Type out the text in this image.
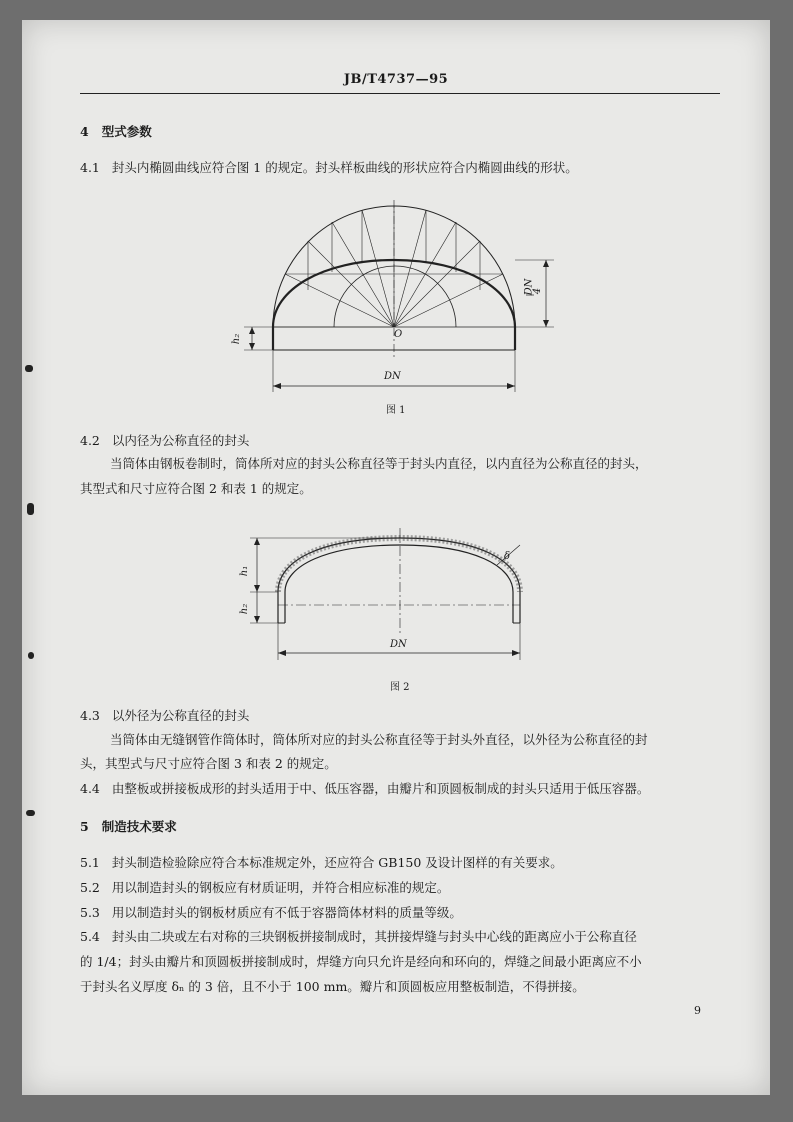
JB/T4737—95
4 型式参数
4.1 封头内椭圆曲线应符合图 1 的规定。封头样板曲线的形状应符合内椭圆曲线的形状。
O
DN
h₂
DN
4
图 1
4.2 以内径为公称直径的封头
当筒体由钢板卷制时，筒体所对应的封头公称直径等于封头内直径，以内直径为公称直径的封头，
其型式和尺寸应符合图 2 和表 1 的规定。
h₁
h₂
δ
DN
图 2
4.3 以外径为公称直径的封头
当筒体由无缝钢管作筒体时，筒体所对应的封头公称直径等于封头外直径，以外径为公称直径的封
头，其型式与尺寸应符合图 3 和表 2 的规定。
4.4 由整板或拼接板成形的封头适用于中、低压容器，由瓣片和顶圆板制成的封头只适用于低压容器。
5 制造技术要求
5.1 封头制造检验除应符合本标准规定外，还应符合 GB150 及设计图样的有关要求。
5.2 用以制造封头的钢板应有材质证明，并符合相应标准的规定。
5.3 用以制造封头的钢板材质应有不低于容器筒体材料的质量等级。
5.4 封头由二块或左右对称的三块钢板拼接制成时，其拼接焊缝与封头中心线的距离应小于公称直径
的 1/4；封头由瓣片和顶圆板拼接制成时，焊缝方向只允许是经向和环向的，焊缝之间最小距离应不小
于封头名义厚度 δₙ 的 3 倍，且不小于 100 mm。瓣片和顶圆板应用整板制造，不得拼接。
9
